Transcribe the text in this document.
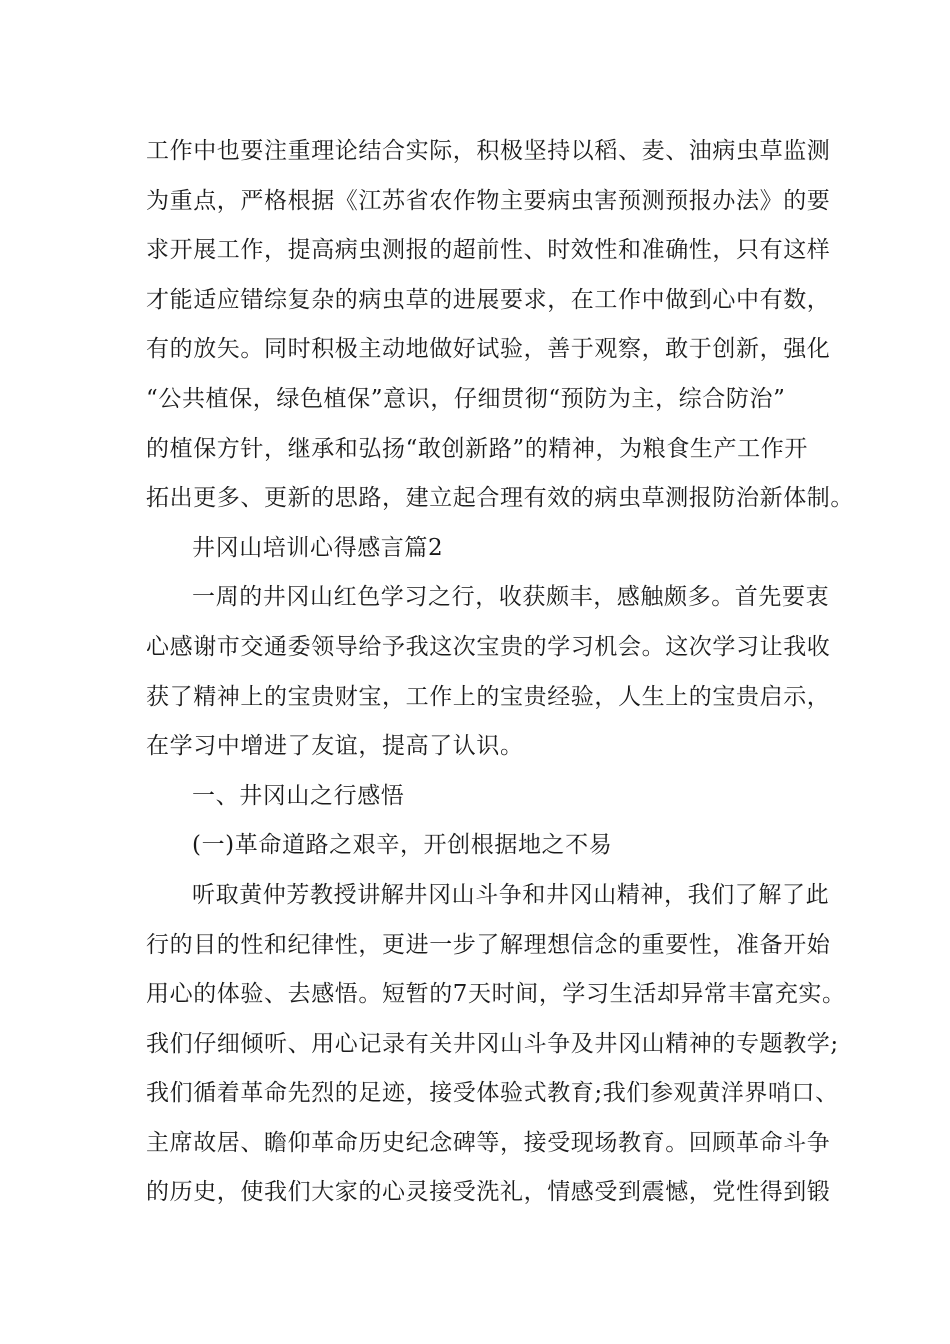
工作中也要注重理论结合实际，积极坚持以稻、麦、油病虫草监测
为重点，严格根据《江苏省农作物主要病虫害预测预报办法》的要
求开展工作，提高病虫测报的超前性、时效性和准确性，只有这样
才能适应错综复杂的病虫草的进展要求，在工作中做到心中有数，
有的放矢。同时积极主动地做好试验，善于观察，敢于创新，强化
“公共植保，绿色植保”意识，仔细贯彻“预防为主，综合防治”
的植保方针，继承和弘扬“敢创新路”的精神，为粮食生产工作开
拓出更多、更新的思路，建立起合理有效的病虫草测报防治新体制。
井冈山培训心得感言篇2
一周的井冈山红色学习之行，收获颇丰，感触颇多。首先要衷
心感谢市交通委领导给予我这次宝贵的学习机会。这次学习让我收
获了精神上的宝贵财宝，工作上的宝贵经验，人生上的宝贵启示，
在学习中增进了友谊，提高了认识。
一、井冈山之行感悟
(一)革命道路之艰辛，开创根据地之不易
听取黄仲芳教授讲解井冈山斗争和井冈山精神，我们了解了此
行的目的性和纪律性，更进一步了解理想信念的重要性，准备开始
用心的体验、去感悟。短暂的7天时间，学习生活却异常丰富充实。
我们仔细倾听、用心记录有关井冈山斗争及井冈山精神的专题教学;
我们循着革命先烈的足迹，接受体验式教育;我们参观黄洋界哨口、
主席故居、瞻仰革命历史纪念碑等，接受现场教育。回顾革命斗争
的历史，使我们大家的心灵接受洗礼，情感受到震憾，党性得到锻
